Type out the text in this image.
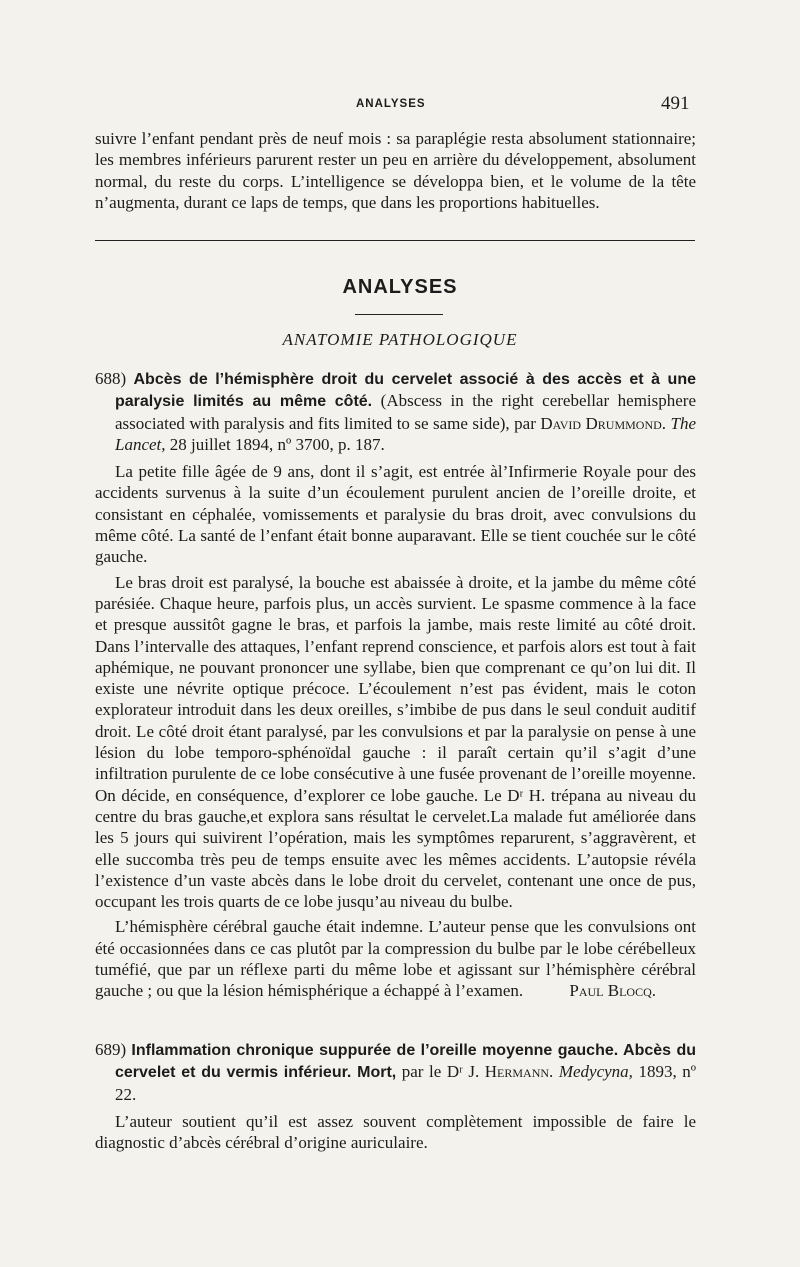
ANALYSES	491

suivre l’enfant pendant près de neuf mois : sa paraplégie resta absolument stationnaire; les membres inférieurs parurent rester un peu en arrière du développement, absolument normal, du reste du corps. L’intelligence se développa bien, et le volume de la tête n’augmenta, durant ce laps de temps, que dans les proportions habituelles.

ANALYSES
ANATOMIE PATHOLOGIQUE

688) Abcès de l’hémisphère droit du cervelet associé à des accès et à une paralysie limités au même côté. (Abscess in the right cerebellar hemisphere associated with paralysis and fits limited to se same side), par David Drummond. The Lancet, 28 juillet 1894, nº 3700, p. 187.

La petite fille âgée de 9 ans, dont il s’agit, est entrée àl’Infirmerie Royale pour des accidents survenus à la suite d’un écoulement purulent ancien de l’oreille droite, et consistant en céphalée, vomissements et paralysie du bras droit, avec convulsions du même côté. La santé de l’enfant était bonne auparavant. Elle se tient couchée sur le côté gauche.

Le bras droit est paralysé, la bouche est abaissée à droite, et la jambe du même côté parésiée. Chaque heure, parfois plus, un accès survient. Le spasme commence à la face et presque aussitôt gagne le bras, et parfois la jambe, mais reste limité au côté droit. Dans l’intervalle des attaques, l’enfant reprend conscience, et parfois alors est tout à fait aphémique, ne pouvant prononcer une syllabe, bien que comprenant ce qu’on lui dit. Il existe une névrite optique précoce. L’écoulement n’est pas évident, mais le coton explorateur introduit dans les deux oreilles, s’imbibe de pus dans le seul conduit auditif droit. Le côté droit étant paralysé, par les convulsions et par la paralysie on pense à une lésion du lobe temporo-sphénoïdal gauche : il paraît certain qu’il s’agit d’une infiltration purulente de ce lobe consécutive à une fusée provenant de l’oreille moyenne. On décide, en conséquence, d’explorer ce lobe gauche. Le Dʳ H. trépana au niveau du centre du bras gauche,et explora sans résultat le cervelet.La malade fut améliorée dans les 5 jours qui suivirent l’opération, mais les symptômes reparurent, s’aggravèrent, et elle succomba très peu de temps ensuite avec les mêmes accidents. L’autopsie révéla l’existence d’un vaste abcès dans le lobe droit du cervelet, contenant une once de pus, occupant les trois quarts de ce lobe jusqu’au niveau du bulbe.

L’hémisphère cérébral gauche était indemne. L’auteur pense que les convulsions ont été occasionnées dans ce cas plutôt par la compression du bulbe par le lobe cérébelleux tuméfié, que par un réflexe parti du même lobe et agissant sur l’hémisphère cérébral gauche ; ou que la lésion hémisphérique a échappé à l’examen.	Paul Blocq.

689) Inflammation chronique suppurée de l’oreille moyenne gauche. Abcès du cervelet et du vermis inférieur. Mort, par le Dʳ J. Hermann. Medycyna, 1893, nº 22.

L’auteur soutient qu’il est assez souvent complètement impossible de faire le diagnostic d’abcès cérébral d’origine auriculaire.
